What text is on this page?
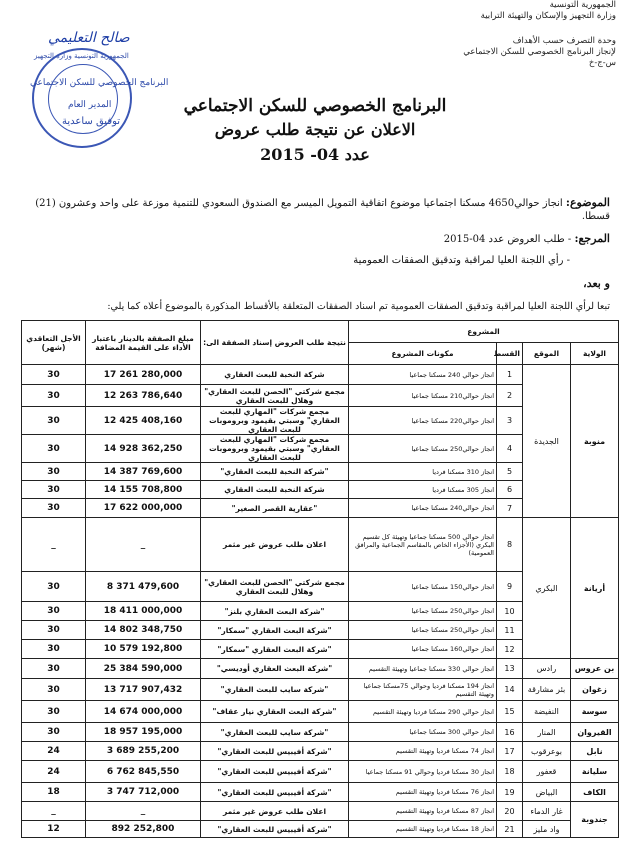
الجمهورية التونسية
وزارة التجهيز والإسكان والتهيئة الترابية
وحدة التصرف حسب الأهداف
لإنجاز البرنامج الخصوصي للسكن الاجتماعي
س-ج-خ
صالح التعليمي
الجمهورية التونسية وزارة التجهيز
البرنامج الخصوصي للسكن الاجتماعي
المدير العام
توفيق ساعدية
البرنامج الخصوصي للسكن الاجتماعي
الاعلان عن نتيجة طلب عروض
عدد 04- 2015
الموضوع: انجاز حوالي4650 مسكنا اجتماعيا موضوع اتفاقية التمويل الميسر مع الصندوق السعودي للتنمية موزعة على واحد وعشرون (21) قسطا.
المرجع: - طلب العروض عدد 04-2015
- رأي اللجنة العليا لمراقبة وتدقيق الصفقات العمومية
و بعد،
تبعا لرأي اللجنة العليا لمراقبة وتدقيق الصفقات العمومية تم اسناد الصفقات المتعلقة بالأقساط المذكورة بالموضوع أعلاه كما يلي:
المشروع				نتيجة طلب العروض إسناد الصفقة الى:	مبلغ الصفقة بالدينار باعتبار الأداء على القيمة المضافة	الأجل التعاقدي (شهر)
الولاية	الموقع	القسط	مكونات المشروع			
منوبة	الجديدة	1	انجاز حوالي 240 مسكنا جماعيا	شركة النخبة للبعث العقاري	17 261 280,000	30
		2	انجاز حوالي210 مسكنا جماعيا	مجمع شركتي "الحصن للبعث العقاري" وهلال للبعث العقاري	12 263 786,640	30
		3	انجاز حوالي220 مسكنا جماعيا	مجمع شركات "المهاري للبعث العقاري" وسبتي بقيمود وبروموبات للبعث العقاري	12 425 408,160	30
		4	انجاز حوالي250 مسكنا جماعيا	مجمع شركات "المهاري للبعث العقاري" وسبتي بقيمود وبروموبات للبعث العقاري	14 928 362,250	30
		5	انجاز 310 مسكنا فرديا	"شركة النخبة للبعث العقاري"	14 387 769,600	30
		6	انجاز 305 مسكنا فرديا	شركة النخبة للبعث العقاري	14 155 708,800	30
		7	انجاز حوالي240 مسكنا جماعيا	"عقارية القصر الصغير"	17 622 000,000	30
أريانة	البكري	8	انجاز حوالي 500 مسكنا جماعيا وتهيئة كل تقسيم البكري (الأجزاء الخاص بالمقاسم الجماعية والمرافق العمومية)	اعلان طلب عروض غير مثمر	_	_
		9	انجاز حوالي150 مسكنا جماعيا	مجمع شركتي "الحصن للبعث العقاري" وهلال للبعث العقاري	8 371 479,600	30
		10	انجاز حوالي250 مسكنا جماعيا	"شركة البعث العقاري بلنز"	18 411 000,000	30
		11	انجاز حوالي250 مسكنا جماعيا	"شركة البعث العقاري "سمكار"	14 802 348,750	30
		12	انجاز حوالي160 مسكنا جماعيا	"شركة البعث العقاري "سمكار"	10 579 192,800	30
بن عروس	رادس	13	انجاز حوالي 330 مسكنا جماعيا وتهيئة التقسيم	"شركة البعث العقاري أوديسي"	25 384 590,000	30
زغوان	بئر مشارقة	14	انجاز 194 مسكنا فرديا وحوالي 75مسكنا جماعيا وتهيئة التقسيم	"شركة سايب للبعث العقاري"	13 717 907,432	30
سوسة	النفيضة	15	انجاز حوالي 290 مسكنا فرديا وتهيئة التقسيم	"شركة البعث العقاري نيار عقاف"	14 674 000,000	30
القيروان	المنار	16	انجاز حوالي 300 مسكنا جماعيا	"شركة سايب للبعث العقاري"	18 957 195,000	30
نابل	بوعرقوب	17	انجاز 74 مسكنا فرديا وتهيئة التقسيم	"شركة أفيبيس للبعث العقاري"	3 689 255,200	24
سليانة	قعفور	18	انجاز 30 مسكنا فرديا وحوالي 91 مسكنا جماعيا	"شركة أفيبيس للبعث العقاري"	6 762 845,550	24
الكاف	البياض	19	انجاز 76 مسكنا فرديا وتهيئة التقسيم	"شركة أفيبيس للبعث العقاري"	3 747 712,000	18
جندوبة	غار الدماء	20	انجاز 87 مسكنا فرديا وتهيئة التقسيم	اعلان طلب عروض غير مثمر	_	_
	واد مليز	21	انجاز 18 مسكنا فرديا وتهيئة التقسيم	"شركة أفيبيس للبعث العقاري"	892 252,800	12
